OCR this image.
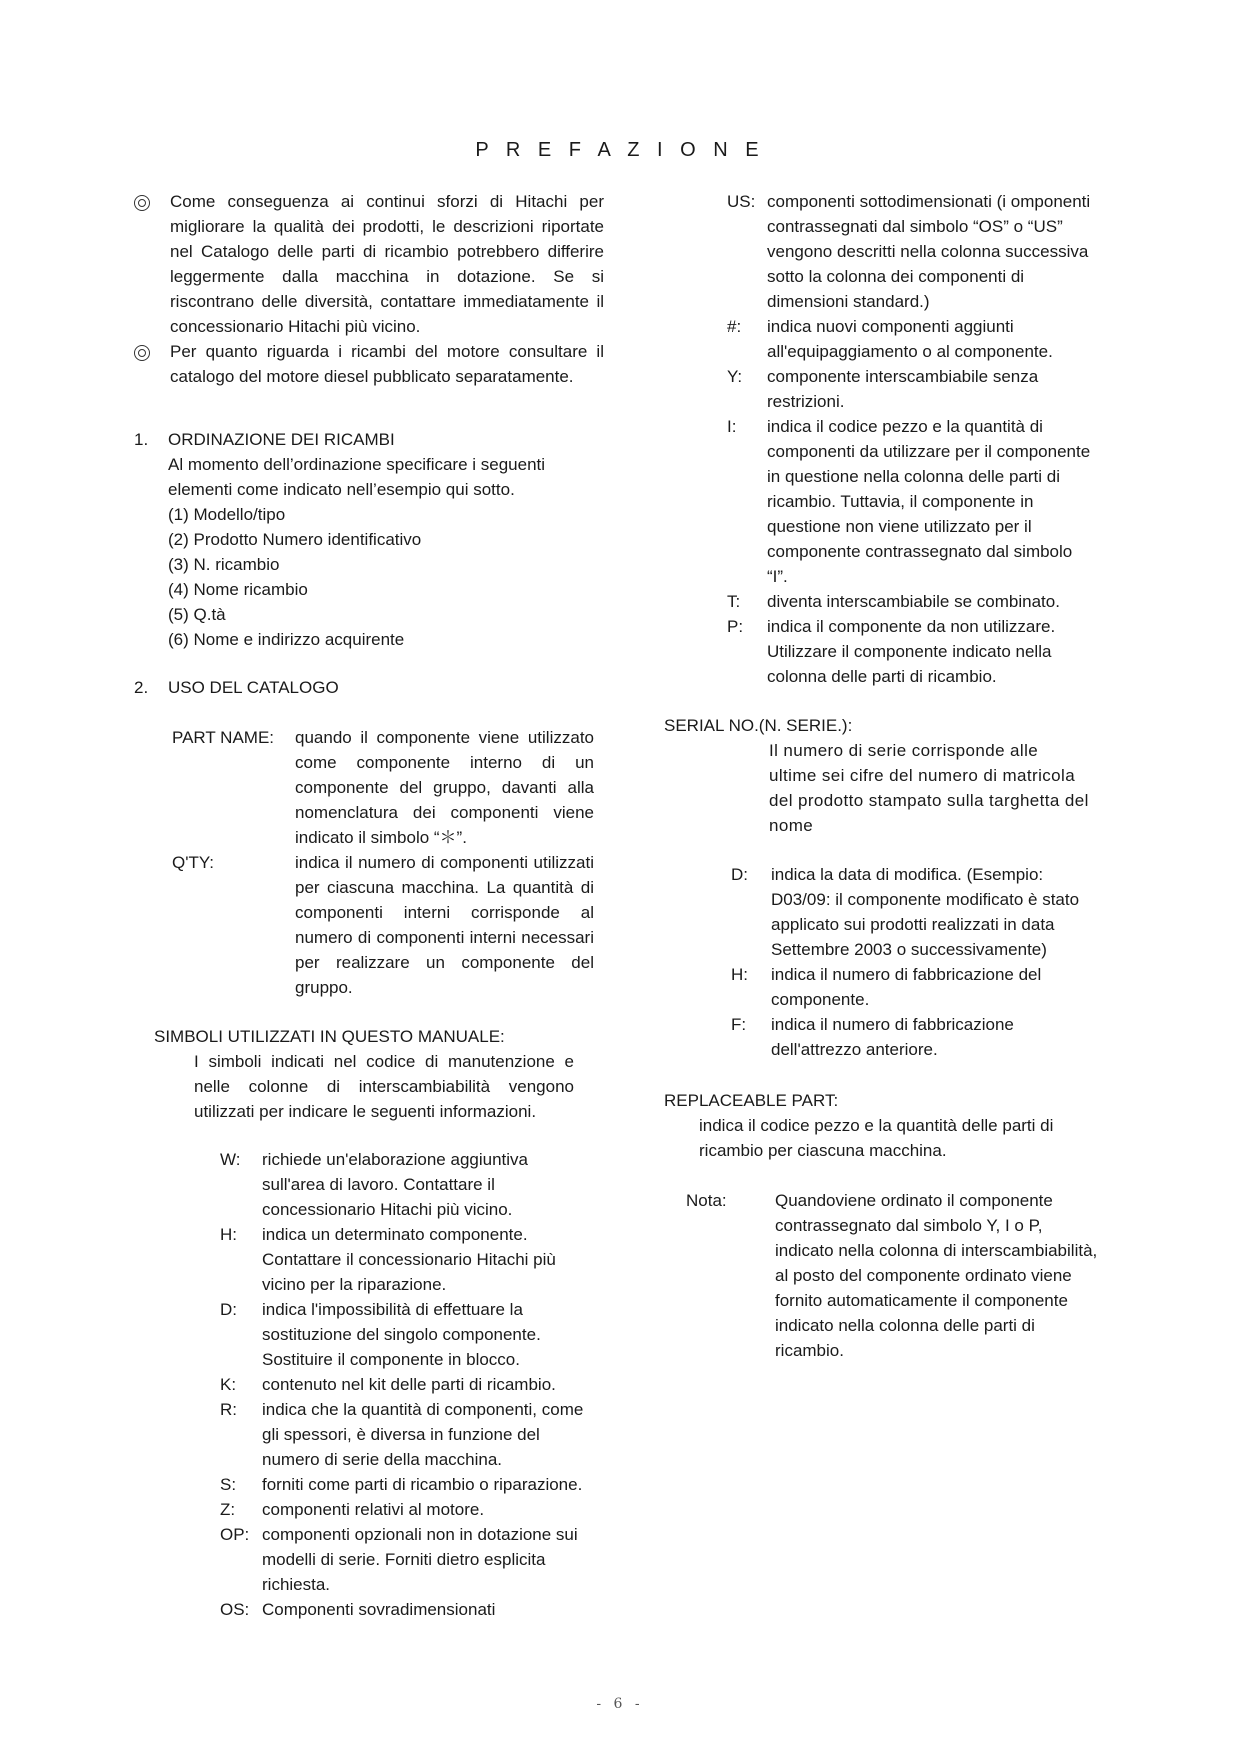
P R E F A Z I O N E
Come conseguenza ai continui sforzi di Hitachi per migliorare la qualità dei prodotti, le descrizioni riportate nel Catalogo delle parti di ricambio potrebbero differire leggermente dalla macchina in dotazione. Se si riscontrano delle diversità, contattare immediatamente il concessionario Hitachi più vicino.
Per quanto riguarda i ricambi del motore consultare il catalogo del motore diesel pubblicato separatamente.
1. ORDINAZIONE DEI RICAMBI
Al momento dell’ordinazione specificare i seguenti
elementi come indicato nell’esempio qui sotto.
(1) Modello/tipo
(2) Prodotto Numero identificativo
(3) N. ricambio
(4) Nome ricambio
(5) Q.tà
(6) Nome e indirizzo acquirente
2. USO DEL CATALOGO
PART NAME: quando il componente viene utilizzato come componente interno di un componente del gruppo, davanti alla nomenclatura dei componenti viene indicato il simbolo “＊”.
Q'TY:	indica il numero di componenti utilizzati per ciascuna macchina. La quantità di componenti interni corrisponde al numero di componenti interni necessari per realizzare un componente del gruppo.
SIMBOLI UTILIZZATI IN QUESTO MANUALE:
I simboli indicati nel codice di manutenzione e nelle colonne di interscambiabilità vengono utilizzati per indicare le seguenti informazioni.
W:	richiede un'elaborazione aggiuntiva
sull'area di lavoro. Contattare il
concessionario Hitachi più vicino.
H:	indica un determinato componente.
Contattare il concessionario Hitachi più
vicino per la riparazione.
D:	indica l'impossibilità di effettuare la
sostituzione del singolo componente.
Sostituire il componente in blocco.
K:	contenuto nel kit delle parti di ricambio.
R:	indica che la quantità di componenti, come
gli spessori, è diversa in funzione del
numero di serie della macchina.
S:	forniti come parti di ricambio o riparazione.
Z:	componenti relativi al motore.
OP: componenti opzionali non in dotazione sui
modelli di serie. Forniti dietro esplicita
richiesta.
OS: Componenti sovradimensionati
US: componenti sottodimensionati (i omponenti
contrassegnati dal simbolo “OS” o “US”
vengono descritti nella colonna successiva
sotto la colonna dei componenti di
dimensioni standard.)
#:	indica nuovi componenti aggiunti
all'equipaggiamento o al componente.
Y:	componente interscambiabile senza
restrizioni.
I:	indica il codice pezzo e la quantità di
componenti da utilizzare per il componente
in questione nella colonna delle parti di
ricambio. Tuttavia, il componente in
questione non viene utilizzato per il
componente contrassegnato dal simbolo
“I”.
T:	diventa interscambiabile se combinato.
P:	indica il componente da non utilizzare.
Utilizzare il componente indicato nella
colonna delle parti di ricambio.
SERIAL NO.(N. SERIE.):
Il numero di serie corrisponde alle
ultime sei cifre del numero di matricola
del prodotto stampato sulla targhetta del
nome
D:	indica la data di modifica. (Esempio:
D03/09: il componente modificato è stato
applicato sui prodotti realizzati in data
Settembre 2003 o successivamente)
H:	indica il numero di fabbricazione del
componente.
F:	indica il numero di fabbricazione
dell'attrezzo anteriore.
REPLACEABLE PART:
indica il codice pezzo e la quantità delle parti di
ricambio per ciascuna macchina.
Nota:	Quandoviene ordinato il componente
contrassegnato dal simbolo Y, I o P,
indicato nella colonna di interscambiabilità,
al posto del componente ordinato viene
fornito automaticamente il componente
indicato nella colonna delle parti di
ricambio.
- 6 -
